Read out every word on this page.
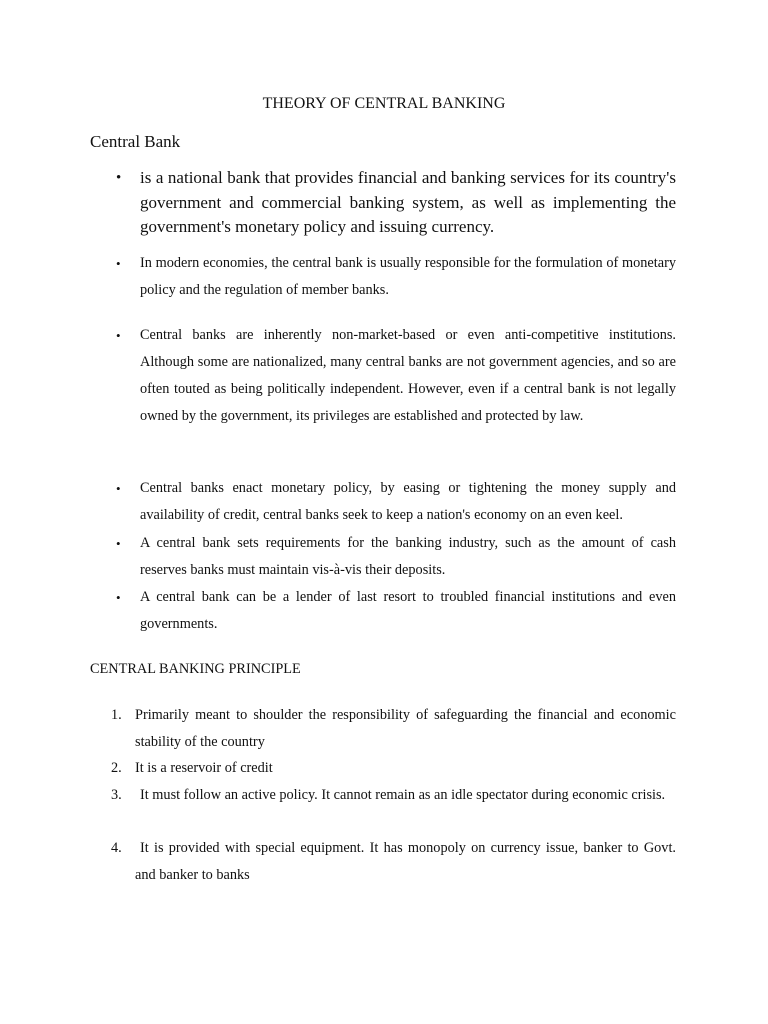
THEORY OF CENTRAL BANKING
Central Bank
• is a national bank that provides financial and banking services for its country's government and commercial banking system, as well as implementing the government's monetary policy and issuing currency.
• In modern economies, the central bank is usually responsible for the formulation of monetary policy and the regulation of member banks.
• Central banks are inherently non-market-based or even anti-competitive institutions. Although some are nationalized, many central banks are not government agencies, and so are often touted as being politically independent. However, even if a central bank is not legally owned by the government, its privileges are established and protected by law.
• Central banks enact monetary policy, by easing or tightening the money supply and availability of credit, central banks seek to keep a nation's economy on an even keel.
• A central bank sets requirements for the banking industry, such as the amount of cash reserves banks must maintain vis-à-vis their deposits.
• A central bank can be a lender of last resort to troubled financial institutions and even governments.
CENTRAL BANKING PRINCIPLE
1. Primarily meant to shoulder the responsibility of safeguarding the financial and economic stability of the country
2. It is a reservoir of credit
3.	It must follow an active policy. It cannot remain as an idle spectator during economic crisis.
4.	It is provided with special equipment. It has monopoly on currency issue, banker to Govt. and banker to banks
